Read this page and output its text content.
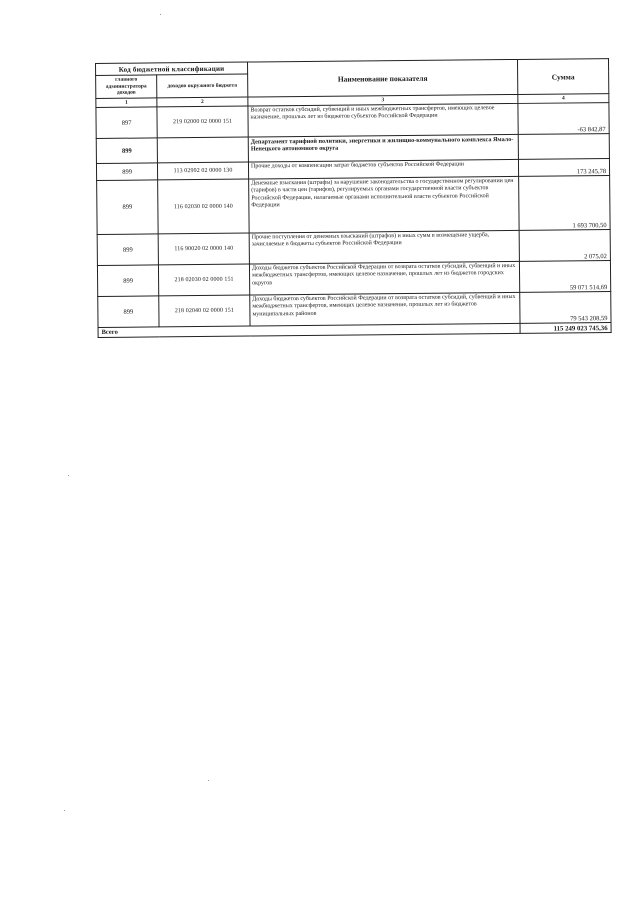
Код бюджетной классификации		Наименование показателя	Сумма
главного администратора доходов	доходов окружного бюджета		
1	2	3	4
897	219 02000 02 0000 151	Возврат остатков субсидий, субвенций и иных межбюджетных трансфертов, имеющих целевое назначение, прошлых лет из бюджетов субъектов Российской Федерации	-63 842,87
899		Департамент тарифной политики, энергетики и жилищно-коммунального комплекса Ямало-Ненецкого автономного округа	
899	113 02992 02 0000 130	Прочие доходы от компенсации затрат бюджетов субъектов Российской Федерации	173 245,78
899	116 02030 02 0000 140	Денежные взыскания (штрафы) за нарушение законодательства о государственном регулировании цен (тарифов) в части цен (тарифов), регулируемых органами государственной власти субъектов Российской Федерации, налагаемые органами исполнительной власти субъектов Российской Федерации	1 693 700,50
899	116 90020 02 0000 140	Прочие поступления от денежных взысканий (штрафов) и иных сумм в возмещение ущерба, зачисляемые в бюджеты субъектов Российской Федерации	2 075,02
899	218 02030 02 0000 151	Доходы бюджетов субъектов Российской Федерации от возврата остатков субсидий, субвенций и иных межбюджетных трансфертов, имеющих целевое назначение, прошлых лет из бюджетов городских округов	59 071 514,69
899	218 02040 02 0000 151	Доходы бюджетов субъектов Российской Федерации от возврата остатков субсидий, субвенций и иных межбюджетных трансфертов, имеющих целевое назначение, прошлых лет из бюджетов муниципальных районов	79 543 208,59
Всего			115 249 023 745,36
